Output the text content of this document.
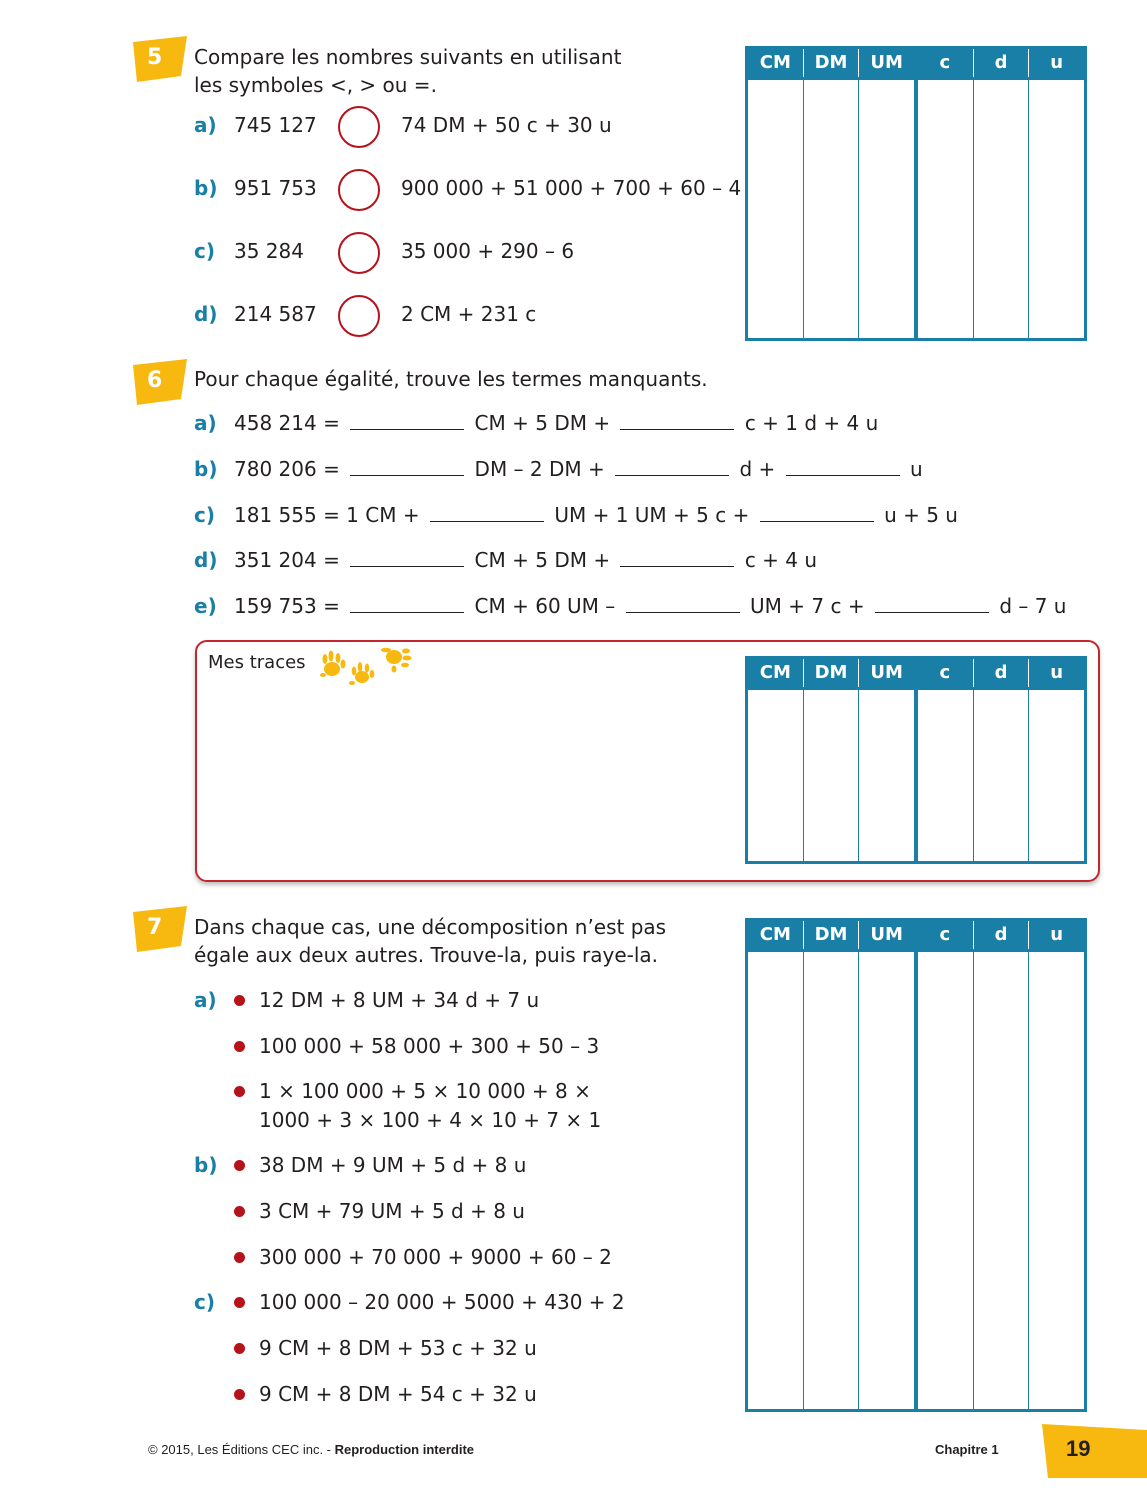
5 Compare les nombres suivants en utilisant
les symboles <, > ou =.
a) 745 127	74 DM + 50 c + 30 u
b) 951 753	900 000 + 51 000 + 700 + 60 – 4
c) 35 284	35 000 + 290 – 6
d) 214 587	2 CM + 231 c
CM	DM	UM	c	d	u
6 Pour chaque égalité, trouve les termes manquants.
a) 458 214 =	CM + 5 DM +	c + 1 d + 4 u
b) 780 206 =	DM – 2 DM +	d +	u
c) 181 555 = 1 CM +	UM + 1 UM + 5 c +	u + 5 u
d) 351 204 =	CM + 5 DM +	c + 4 u
e) 159 753 =	CM + 60 UM –	UM + 7 c +	d – 7 u
Mes traces	CM	DM	UM	c	d	u
7 Dans chaque cas, une décomposition n’est pas
égale aux deux autres. Trouve-la, puis raye-la.
a) 12 DM + 8 UM + 34 d + 7 u
100 000 + 58 000 + 300 + 50 – 3
1 × 100 000 + 5 × 10 000 + 8 ×
1000 + 3 × 100 + 4 × 10 + 7 × 1
b) 38 DM + 9 UM + 5 d + 8 u
3 CM + 79 UM + 5 d + 8 u
300 000 + 70 000 + 9000 + 60 – 2
c) 100 000 – 20 000 + 5000 + 430 + 2
9 CM + 8 DM + 53 c + 32 u
9 CM + 8 DM + 54 c + 32 u
CM	DM	UM	c	d	u
© 2015, Les Éditions CEC inc. - Reproduction interdite	Chapitre 1	19
